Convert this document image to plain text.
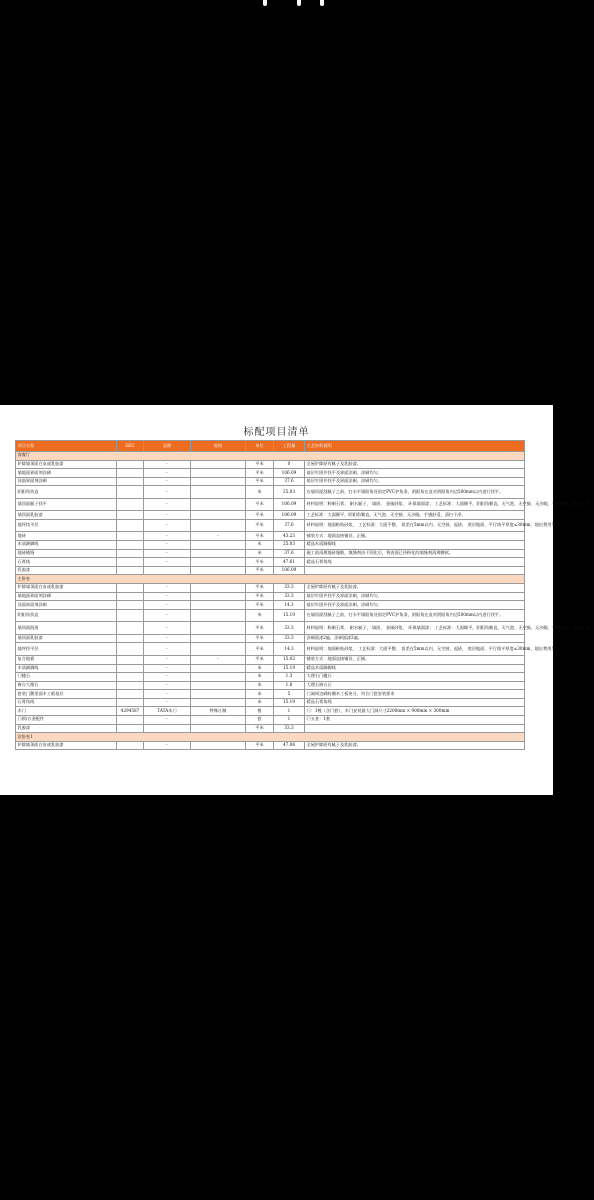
标配项目清单
项目名称	SKU	品牌	规格	单位	工程量	工艺材料说明
客餐厅						
铲除墙顶面白灰或乳胶漆		-		平米	0	全屋铲除原有腻子及乳胶漆。
墙地面界面剂涂刷		-		平米	106.09	基层牢固并找平及界面涂刷，涂刷均匀。
顶面界面剂涂刷		-		平米	37.6	基层牢固并找平及界面涂刷，涂刷均匀。
阴阳角找直		-		米	25.03	在墙顶面刮腻子之前，打水平墙阳角处固定PVC护角条，阴阳角在直对阴阳角内边500mm以内进行找平。
墙顶面腻子找平		-		平米	106.09	材料说明：粉刷石膏、 耐水腻子、 墙固、 金刚砂浆、 环保墙面漆； 工艺标准：大面顺平，阴阳角顺直，无气泡、无空鼓、无沙眼、手感舒适，清扫干净。
墙顶面乳胶漆		-		平米	106.09	工艺标准：大面顺平，阴阳角顺直，无气泡、无空鼓、无沙眼、手感舒适，清扫干净。
地坪找平层		-		平米	37.6	材料说明：地面粘贴砂浆， 工艺标准：大面平整、 误差在5mm以内、无空鼓、起砂， 底层地面、平行线平厚度≤30mm，超出费用另计。
地砖		-	-	平米	43.23	铺装方式：地面直接铺设，正铺。
木质踢脚线		-		米	25.03	精品木质踢脚线
地砖铺缝		-		米	37.6	施工前清理地砖缝隙，填缝剂由于固化后，将表面已经粉化的填缝剂清理擦拭。
石膏线		-		平米	47.61	精品石膏角线
乳胶漆				平米	106.09	
主卧室						
铲除墙顶面白灰或乳胶漆		-		平米	33.3	全屋铲除原有腻子及乳胶漆。
墙地面界面剂涂刷		-		平米	33.3	基层牢固并找平及界面涂刷，涂刷均匀。
顶面界面剂涂刷		-		平米	14.3	基层牢固并找平及界面涂刷，涂刷均匀。
阴阳角找直		-		米	15.19	在墙顶面刮腻子之前，打水平墙阳角处固定PVC护角条，阴阳角在直对阴阳角内边500mm以内进行找平。
墙顶面批荡		-		平米	33.3	材料说明：粉刷石膏、 耐水腻子、 墙固、 金刚砂浆、 环保墙面漆； 工艺标准：大面顺平，阴阳角顺直，无气泡、无空鼓、无沙眼、手感舒适，清扫干净。
墙顶面乳胶漆		-		平米	33.3	涂刷面漆2遍，涂刷面漆2遍。
地坪找平层		-		平米	14.3	材料说明：地面粘贴砂浆， 工艺标准：大面平整、 误差在5mm以内、无空鼓、起砂， 底层地面、平行线平厚度≤30mm，超出费用另计。
复合地板		-	-	平米	15.02	铺装方式：地面直接铺设，正铺。
木质踢脚线		-		米	15.19	精品木质踢脚线
门槛石		-		米	1.3	大理石门槛石
窗台大理石		-		米	1.8	大理石窗台石
套装门敷里面木工板基层		-		米	5	门洞周边刷防潮木工板充分，符合门套安装要求
石膏角线		-		米	15.19	精品石膏角线
木门	4294587	TATA木门	特殊订制	樘	1	门：1樘（含门套），木门安装最大门洞尺寸2200mm × 900mm × 300mm
门锁/五金配件		-		套	1	门五金：1套
乳胶漆				平米	33.3	
次卧室1						
铲除墙顶面白灰或乳胶漆		-		平米	47.06	全屋铲除原有腻子及乳胶漆。
